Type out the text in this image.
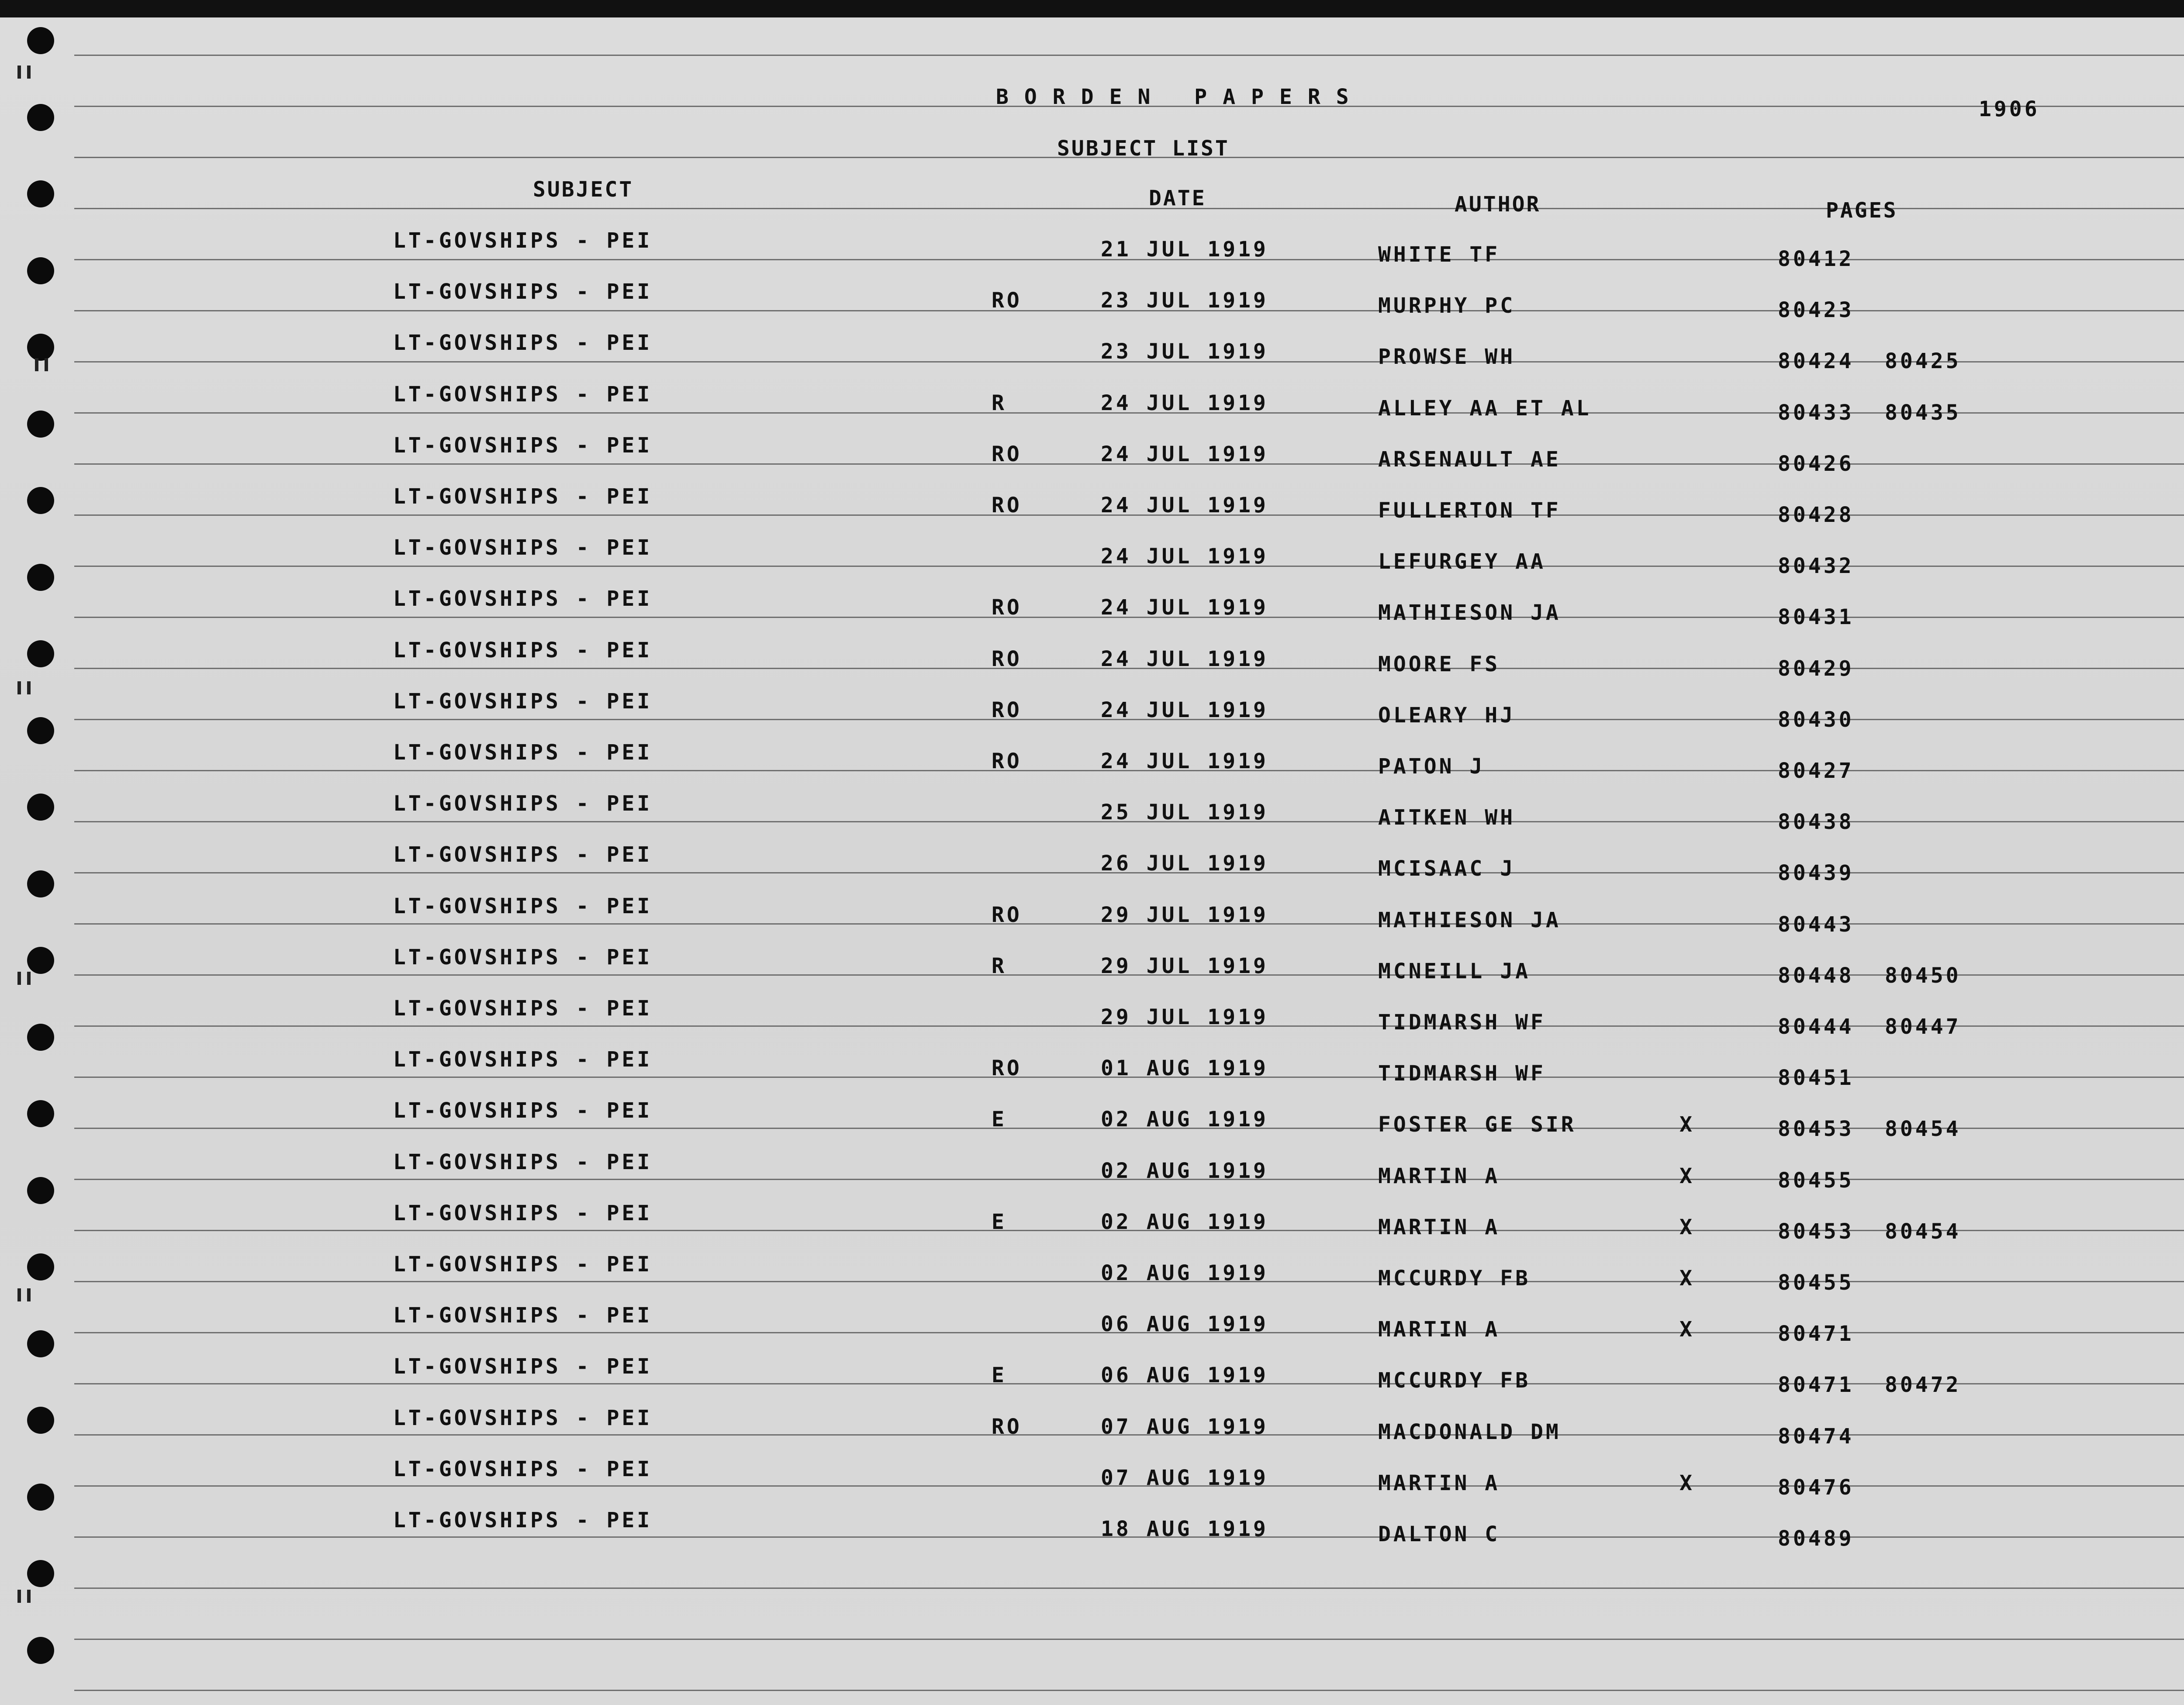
BORDEN PAPERS	1906
SUBJECT LIST
SUBJECT	DATE	AUTHOR	PAGES
LT-GOVSHIPS - PEI	21 JUL 1919	WHITE TF	80412
LT-GOVSHIPS - PEI	RO	23 JUL 1919	MURPHY PC	80423
LT-GOVSHIPS - PEI	23 JUL 1919	PROWSE WH	80424 80425
LT-GOVSHIPS - PEI	R	24 JUL 1919	ALLEY AA ET AL	80433 80435
LT-GOVSHIPS - PEI	RO	24 JUL 1919	ARSENAULT AE	80426
LT-GOVSHIPS - PEI	RO	24 JUL 1919	FULLERTON TF	80428
LT-GOVSHIPS - PEI	24 JUL 1919	LEFURGEY AA	80432
LT-GOVSHIPS - PEI	RO	24 JUL 1919	MATHIESON JA	80431
LT-GOVSHIPS - PEI	RO	24 JUL 1919	MOORE FS	80429
LT-GOVSHIPS - PEI	RO	24 JUL 1919	OLEARY HJ	80430
LT-GOVSHIPS - PEI	RO	24 JUL 1919	PATON J	80427
LT-GOVSHIPS - PEI	25 JUL 1919	AITKEN WH	80438
LT-GOVSHIPS - PEI	26 JUL 1919	MCISAAC J	80439
LT-GOVSHIPS - PEI	RO	29 JUL 1919	MATHIESON JA	80443
LT-GOVSHIPS - PEI	R	29 JUL 1919	MCNEILL JA	80448 80450
LT-GOVSHIPS - PEI	29 JUL 1919	TIDMARSH WF	80444 80447
LT-GOVSHIPS - PEI	RO	01 AUG 1919	TIDMARSH WF	80451
LT-GOVSHIPS - PEI	E	02 AUG 1919	FOSTER GE SIR	X	80453 80454
LT-GOVSHIPS - PEI	02 AUG 1919	MARTIN A	X	80455
LT-GOVSHIPS - PEI	E	02 AUG 1919	MARTIN A	X	80453 80454
LT-GOVSHIPS - PEI	02 AUG 1919	MCCURDY FB	X	80455
LT-GOVSHIPS - PEI	06 AUG 1919	MARTIN A	X	80471
LT-GOVSHIPS - PEI	E	06 AUG 1919	MCCURDY FB	80471 80472
LT-GOVSHIPS - PEI	RO	07 AUG 1919	MACDONALD DM	80474
LT-GOVSHIPS - PEI	07 AUG 1919	MARTIN A	X	80476
LT-GOVSHIPS - PEI	18 AUG 1919	DALTON C	80489
